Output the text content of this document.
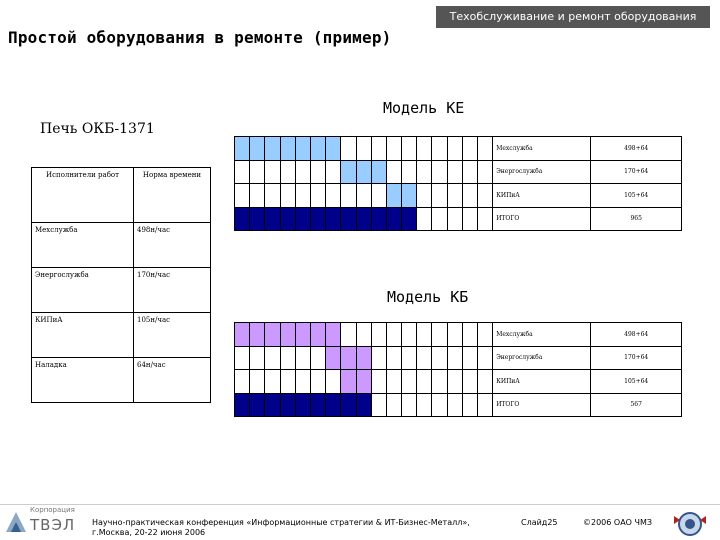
Техобслуживание и ремонт оборудования
Простой оборудования в ремонте (пример)
Модель КЕ
Печь ОКБ-1371
Исполнители работ	Норма времени
Мехслужба	498н/час
Энергослужба	170н/час
КИПиА	105н/час
Наладка	64н/час
																	Мехслужба	498+64
																	Энергослужба	170+64
																	КИПиА	105+64
																	ИТОГО	965
Модель КБ
																	Мехслужба	498+64
																	Энергослужба	170+64
																	КИПиА	105+64
																	ИТОГО	567
Корпорация
ТВЭЛ Научно-практическая конференция «Информационные стратегии & ИТ-Бизнес-Металл»,
г.Москва, 20-22 июня 2006
Слайд25	©2006 ОАО ЧМЗ
